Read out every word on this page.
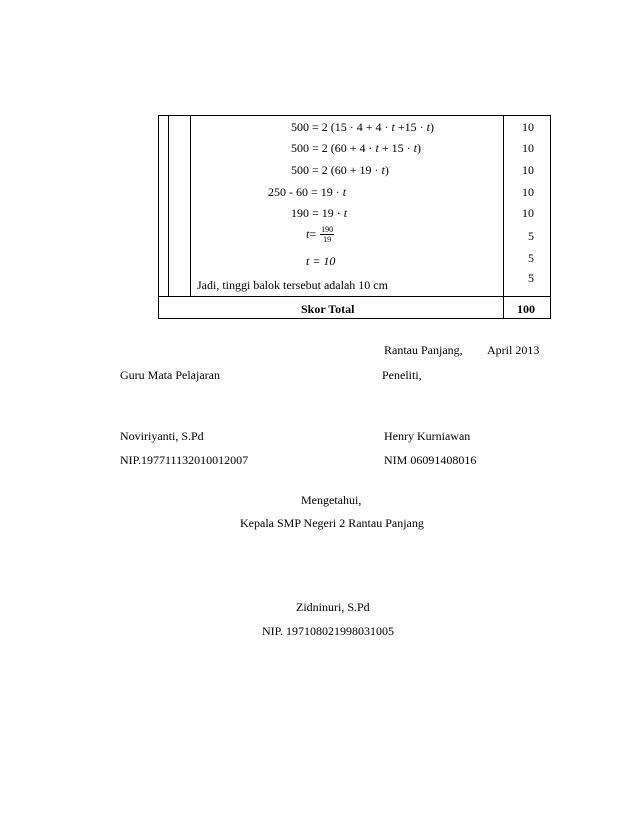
500 = 2 (15 · 4 + 4 · t +15 · t)	10
500 = 2 (60 + 4 · t + 15 · t)	10
500 = 2 (60 + 19 · t)	10
250 - 60 = 19 · t	10
190 = 19 · t	10
$t = \frac{190}{19}$	5
t = 10	5
Jadi, tinggi balok tersebut adalah 10 cm	5
Skor Total	100
Rantau Panjang, April 2013
Guru Mata Pelajaran	Peneliti,
Noviriyanti, S.Pd	Henry Kurniawan
NIP.197711132010012007	NIM 06091408016
Mengetahui,
Kepala SMP Negeri 2 Rantau Panjang
Zidninuri, S.Pd
NIP. 197108021998031005
